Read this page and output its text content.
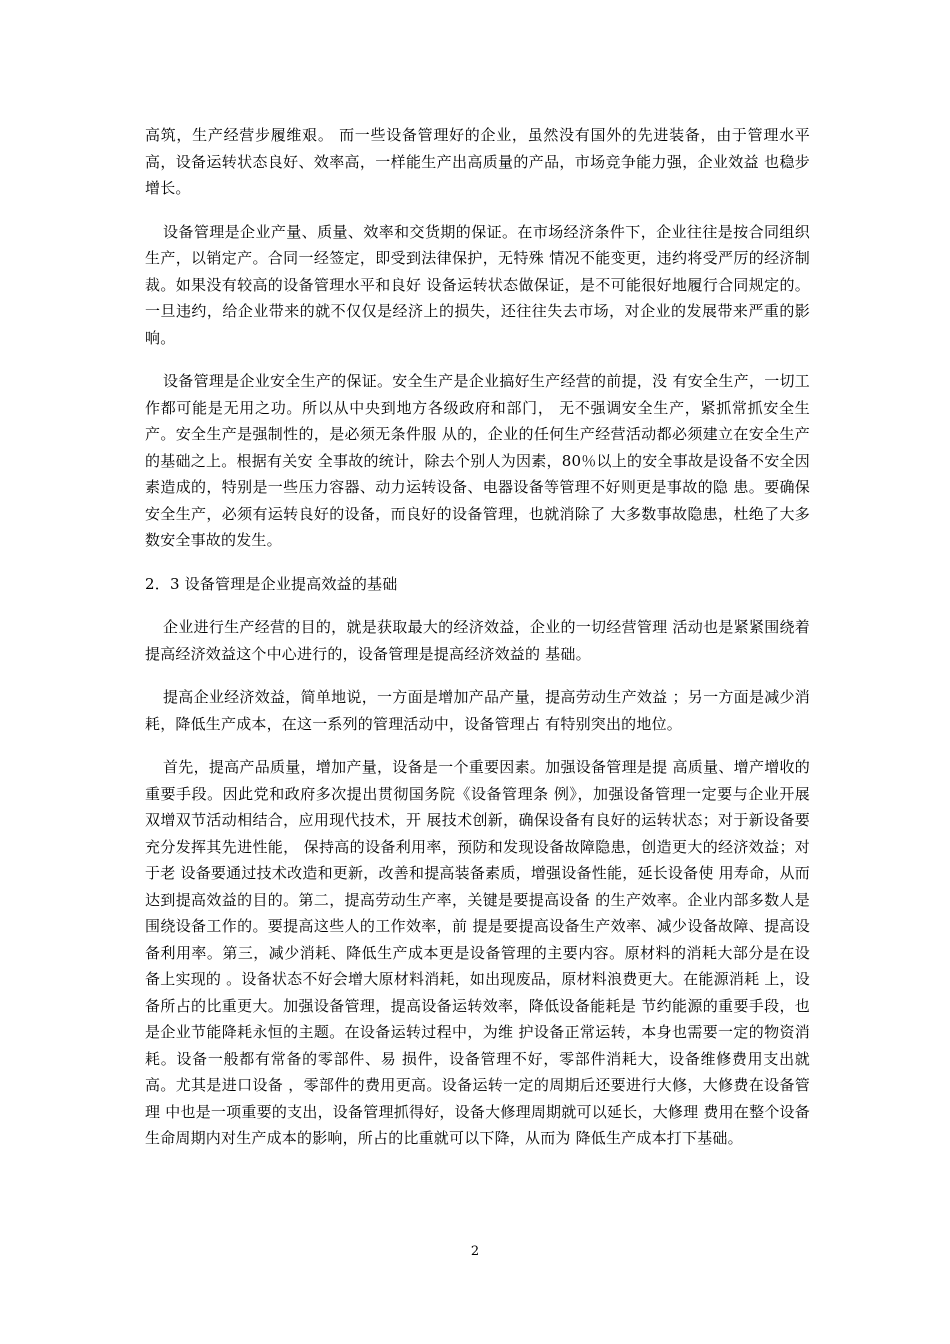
高筑，生产经营步履维艰。 而一些设备管理好的企业，虽然没有国外的先进装备，由于管理水平高，设备运转状态良好、效率高，一样能生产出高质量的产品，市场竞争能力强，企业效益 也稳步增长。

设备管理是企业产量、质量、效率和交货期的保证。在市场经济条件下，企业往往是按合同组织生产，以销定产。合同一经签定，即受到法律保护，无特殊 情况不能变更，违约将受严厉的经济制裁。如果没有较高的设备管理水平和良好 设备运转状态做保证，是不可能很好地履行合同规定的。一旦违约，给企业带来的就不仅仅是经济上的损失，还往往失去市场，对企业的发展带来严重的影响。

设备管理是企业安全生产的保证。安全生产是企业搞好生产经营的前提，没 有安全生产，一切工作都可能是无用之功。所以从中央到地方各级政府和部门， 无不强调安全生产，紧抓常抓安全生产。安全生产是强制性的，是必须无条件服 从的，企业的任何生产经营活动都必须建立在安全生产的基础之上。根据有关安 全事故的统计，除去个别人为因素，80％以上的安全事故是设备不安全因素造成的，特别是一些压力容器、动力运转设备、电器设备等管理不好则更是事故的隐 患。要确保安全生产，必须有运转良好的设备，而良好的设备管理，也就消除了 大多数事故隐患，杜绝了大多数安全事故的发生。

2．3 设备管理是企业提高效益的基础

企业进行生产经营的目的，就是获取最大的经济效益，企业的一切经营管理 活动也是紧紧围绕着提高经济效益这个中心进行的，设备管理是提高经济效益的 基础。

提高企业经济效益，简单地说，一方面是增加产品产量，提高劳动生产效益 ；另一方面是减少消耗，降低生产成本，在这一系列的管理活动中，设备管理占 有特别突出的地位。

首先，提高产品质量，增加产量，设备是一个重要因素。加强设备管理是提 高质量、增产增收的重要手段。因此党和政府多次提出贯彻国务院《设备管理条 例》，加强设备管理一定要与企业开展双增双节活动相结合，应用现代技术，开 展技术创新，确保设备有良好的运转状态；对于新设备要充分发挥其先进性能， 保持高的设备利用率，预防和发现设备故障隐患，创造更大的经济效益；对于老 设备要通过技术改造和更新，改善和提高装备素质，增强设备性能，延长设备使 用寿命，从而达到提高效益的目的。第二，提高劳动生产率，关键是要提高设备 的生产效率。企业内部多数人是围绕设备工作的。要提高这些人的工作效率，前 提是要提高设备生产效率、减少设备故障、提高设备利用率。第三，减少消耗、降低生产成本更是设备管理的主要内容。原材料的消耗大部分是在设备上实现的 。设备状态不好会增大原材料消耗，如出现废品，原材料浪费更大。在能源消耗 上，设备所占的比重更大。加强设备管理，提高设备运转效率，降低设备能耗是 节约能源的重要手段，也是企业节能降耗永恒的主题。在设备运转过程中，为维 护设备正常运转，本身也需要一定的物资消耗。设备一般都有常备的零部件、易 损件，设备管理不好，零部件消耗大，设备维修费用支出就高。尤其是进口设备 ，零部件的费用更高。设备运转一定的周期后还要进行大修，大修费在设备管理 中也是一项重要的支出，设备管理抓得好，设备大修理周期就可以延长，大修理 费用在整个设备生命周期内对生产成本的影响，所占的比重就可以下降，从而为 降低生产成本打下基础。

2
